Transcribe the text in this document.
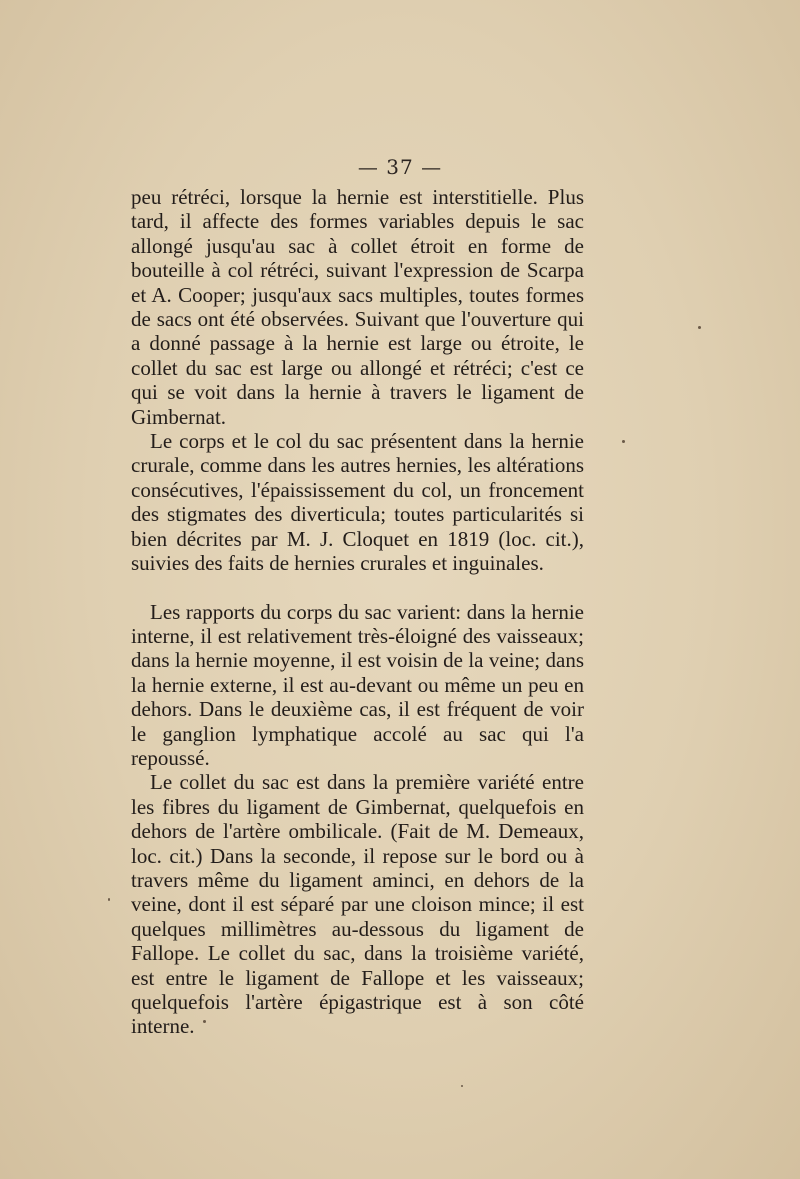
— 37 —

peu rétréci, lorsque la hernie est interstitielle. Plus tard, il affecte des formes variables depuis le sac allongé jusqu'au sac à collet étroit en forme de bouteille à col rétréci, suivant l'expression de Scarpa et A. Cooper; jusqu'aux sacs multiples, toutes formes de sacs ont été observées. Suivant que l'ouverture qui a donné passage à la hernie est large ou étroite, le collet du sac est large ou allongé et rétréci; c'est ce qui se voit dans la hernie à travers le ligament de Gimbernat.

Le corps et le col du sac présentent dans la hernie crurale, comme dans les autres hernies, les altérations consécutives, l'épaississement du col, un froncement des stigmates des diverticula; toutes particularités si bien décrites par M. J. Cloquet en 1819 (loc. cit.), suivies des faits de hernies crurales et inguinales.

Les rapports du corps du sac varient: dans la hernie interne, il est relativement très-éloigné des vaisseaux; dans la hernie moyenne, il est voisin de la veine; dans la hernie externe, il est au-devant ou même un peu en dehors. Dans le deuxième cas, il est fréquent de voir le ganglion lymphatique accolé au sac qui l'a repoussé.

Le collet du sac est dans la première variété entre les fibres du ligament de Gimbernat, quelquefois en dehors de l'artère ombilicale. (Fait de M. Demeaux, loc. cit.) Dans la seconde, il repose sur le bord ou à travers même du ligament aminci, en dehors de la veine, dont il est séparé par une cloison mince; il est quelques millimètres au-dessous du ligament de Fallope. Le collet du sac, dans la troisième variété, est entre le ligament de Fallope et les vaisseaux; quelquefois l'artère épigastrique est à son côté interne.
